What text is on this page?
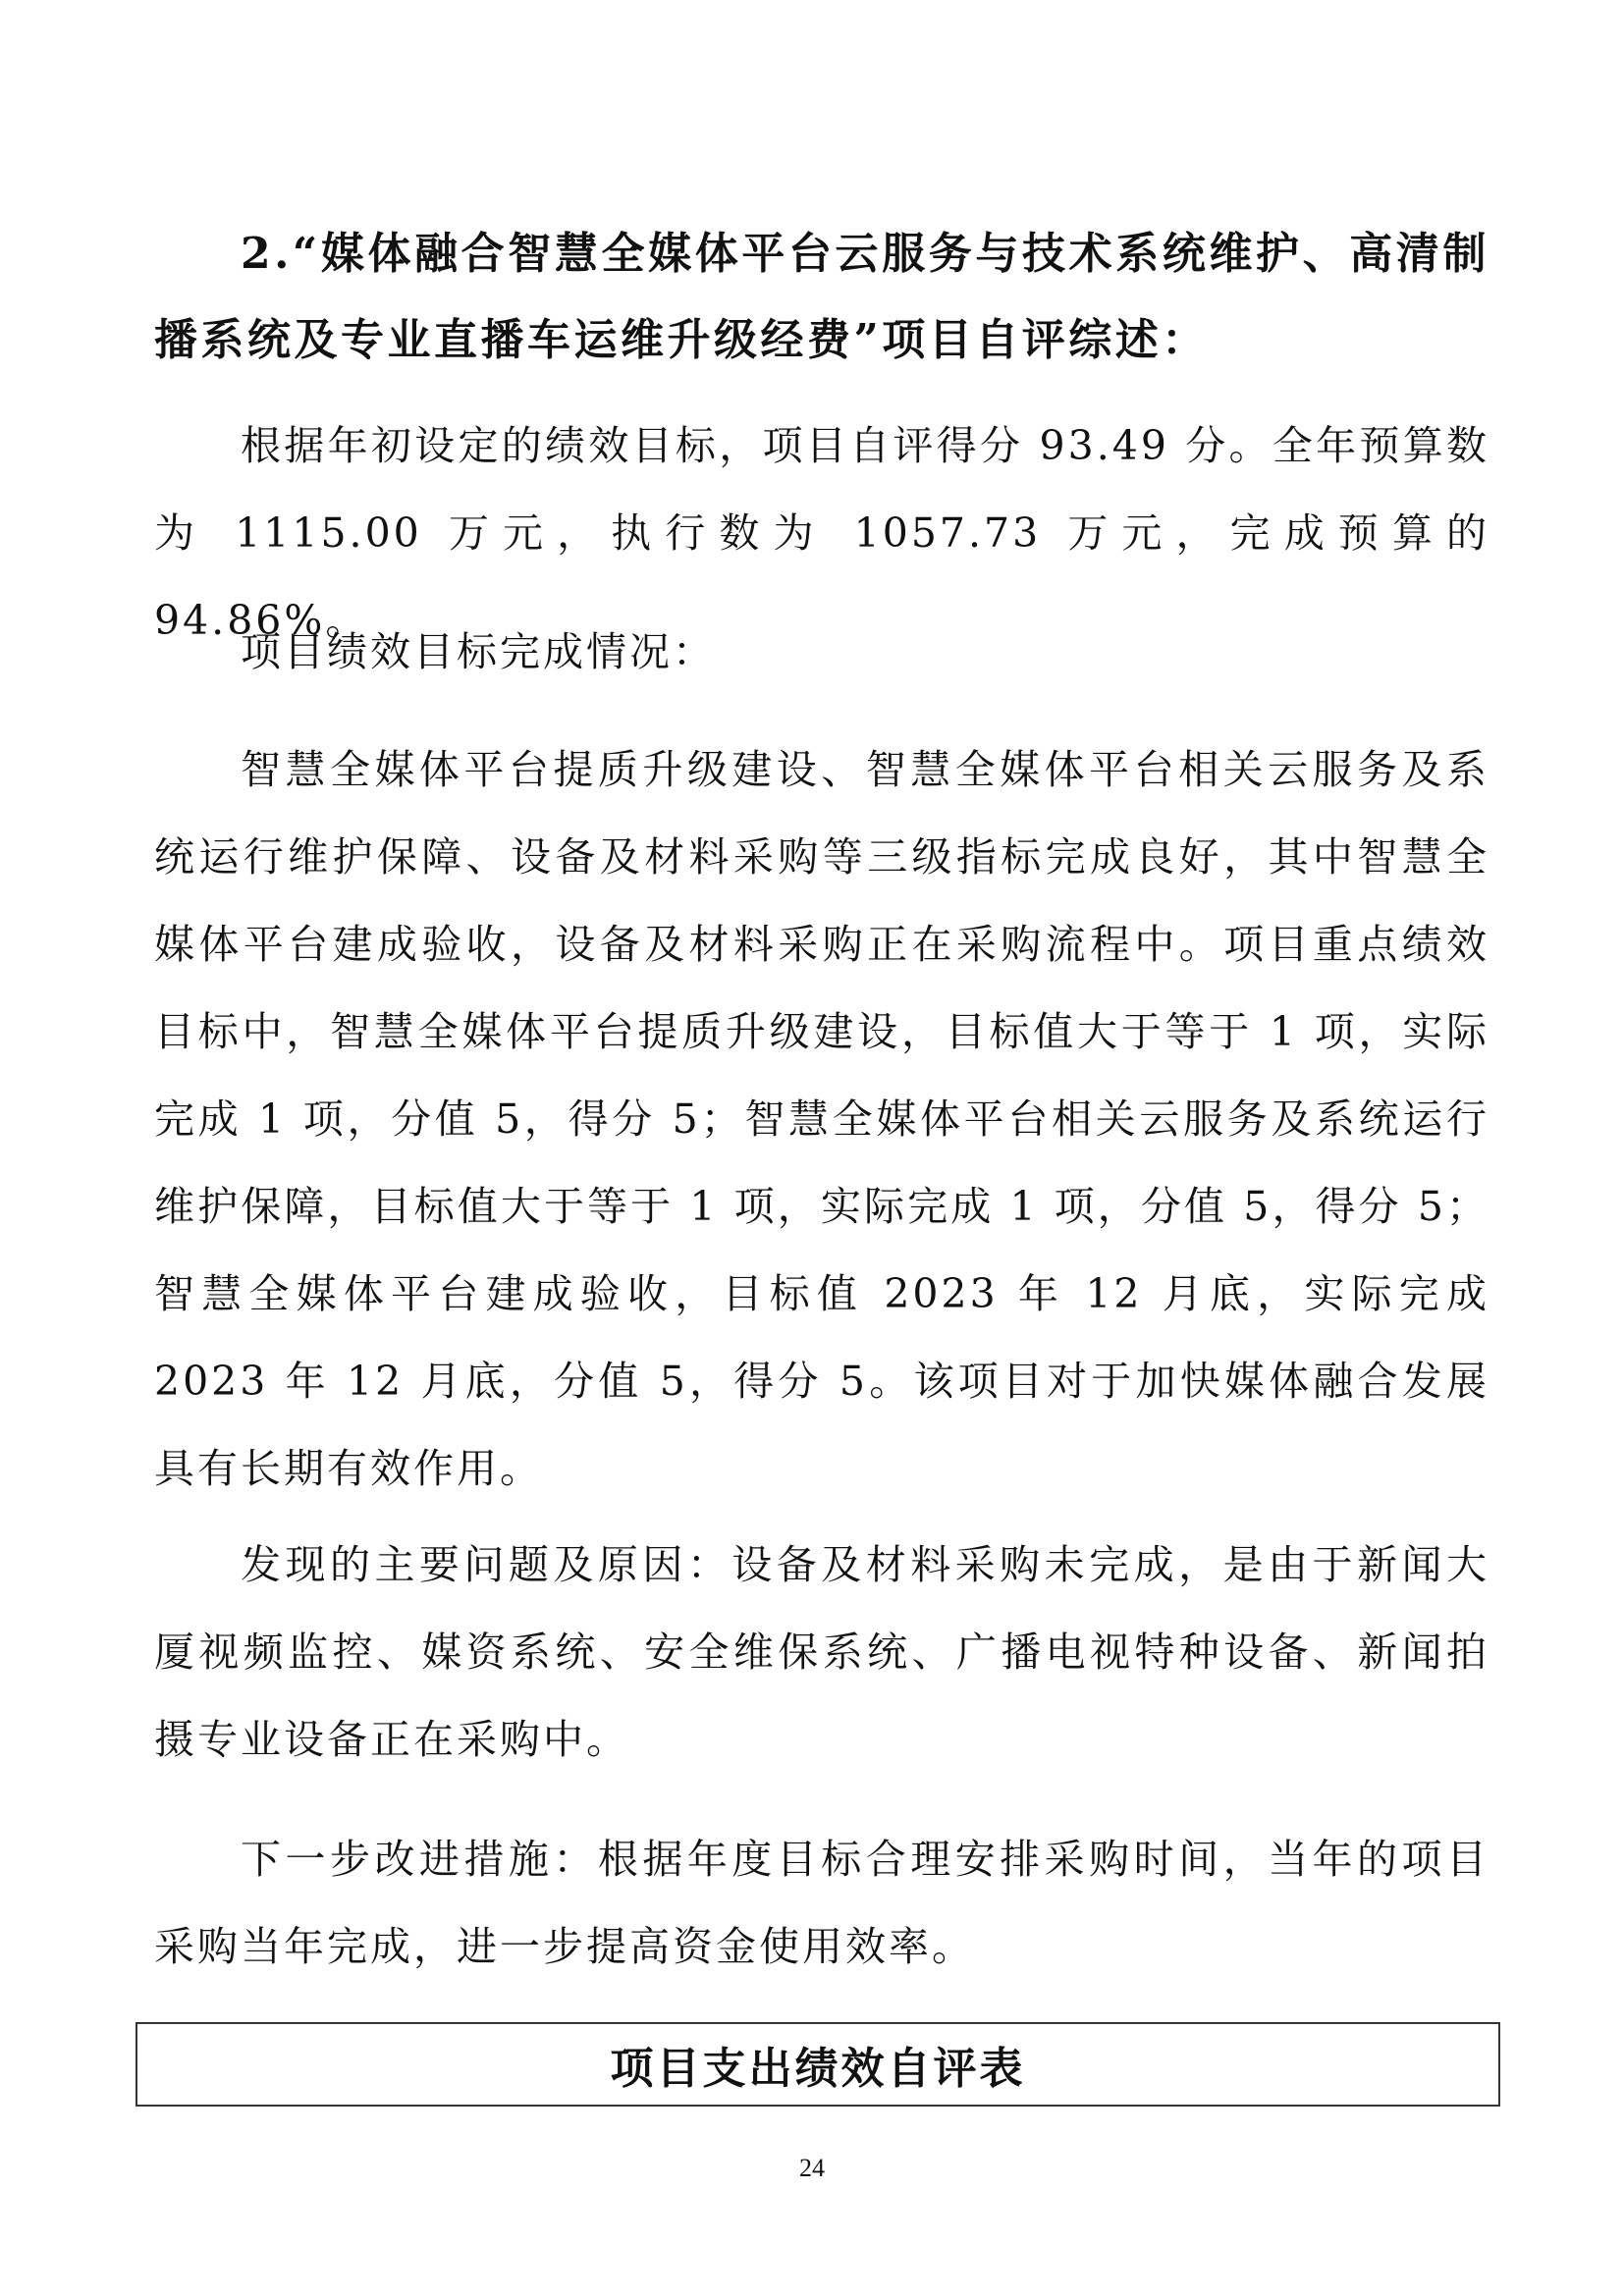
2.“媒体融合智慧全媒体平台云服务与技术系统维护、高清制播系统及专业直播车运维升级经费”项目自评综述：
根据年初设定的绩效目标，项目自评得分 93.49 分。全年预算数为 1115.00 万元，执行数为 1057.73 万元，完成预算的 94.86%。
项目绩效目标完成情况：
智慧全媒体平台提质升级建设、智慧全媒体平台相关云服务及系统运行维护保障、设备及材料采购等三级指标完成良好，其中智慧全媒体平台建成验收，设备及材料采购正在采购流程中。项目重点绩效目标中，智慧全媒体平台提质升级建设，目标值大于等于 1 项，实际完成 1 项，分值 5，得分 5；智慧全媒体平台相关云服务及系统运行维护保障，目标值大于等于 1 项，实际完成 1 项，分值 5，得分 5；智慧全媒体平台建成验收，目标值 2023 年 12 月底，实际完成 2023 年 12 月底，分值 5，得分 5。该项目对于加快媒体融合发展具有长期有效作用。
发现的主要问题及原因：设备及材料采购未完成，是由于新闻大厦视频监控、媒资系统、安全维保系统、广播电视特种设备、新闻拍摄专业设备正在采购中。
下一步改进措施：根据年度目标合理安排采购时间，当年的项目采购当年完成，进一步提高资金使用效率。
项目支出绩效自评表
24
